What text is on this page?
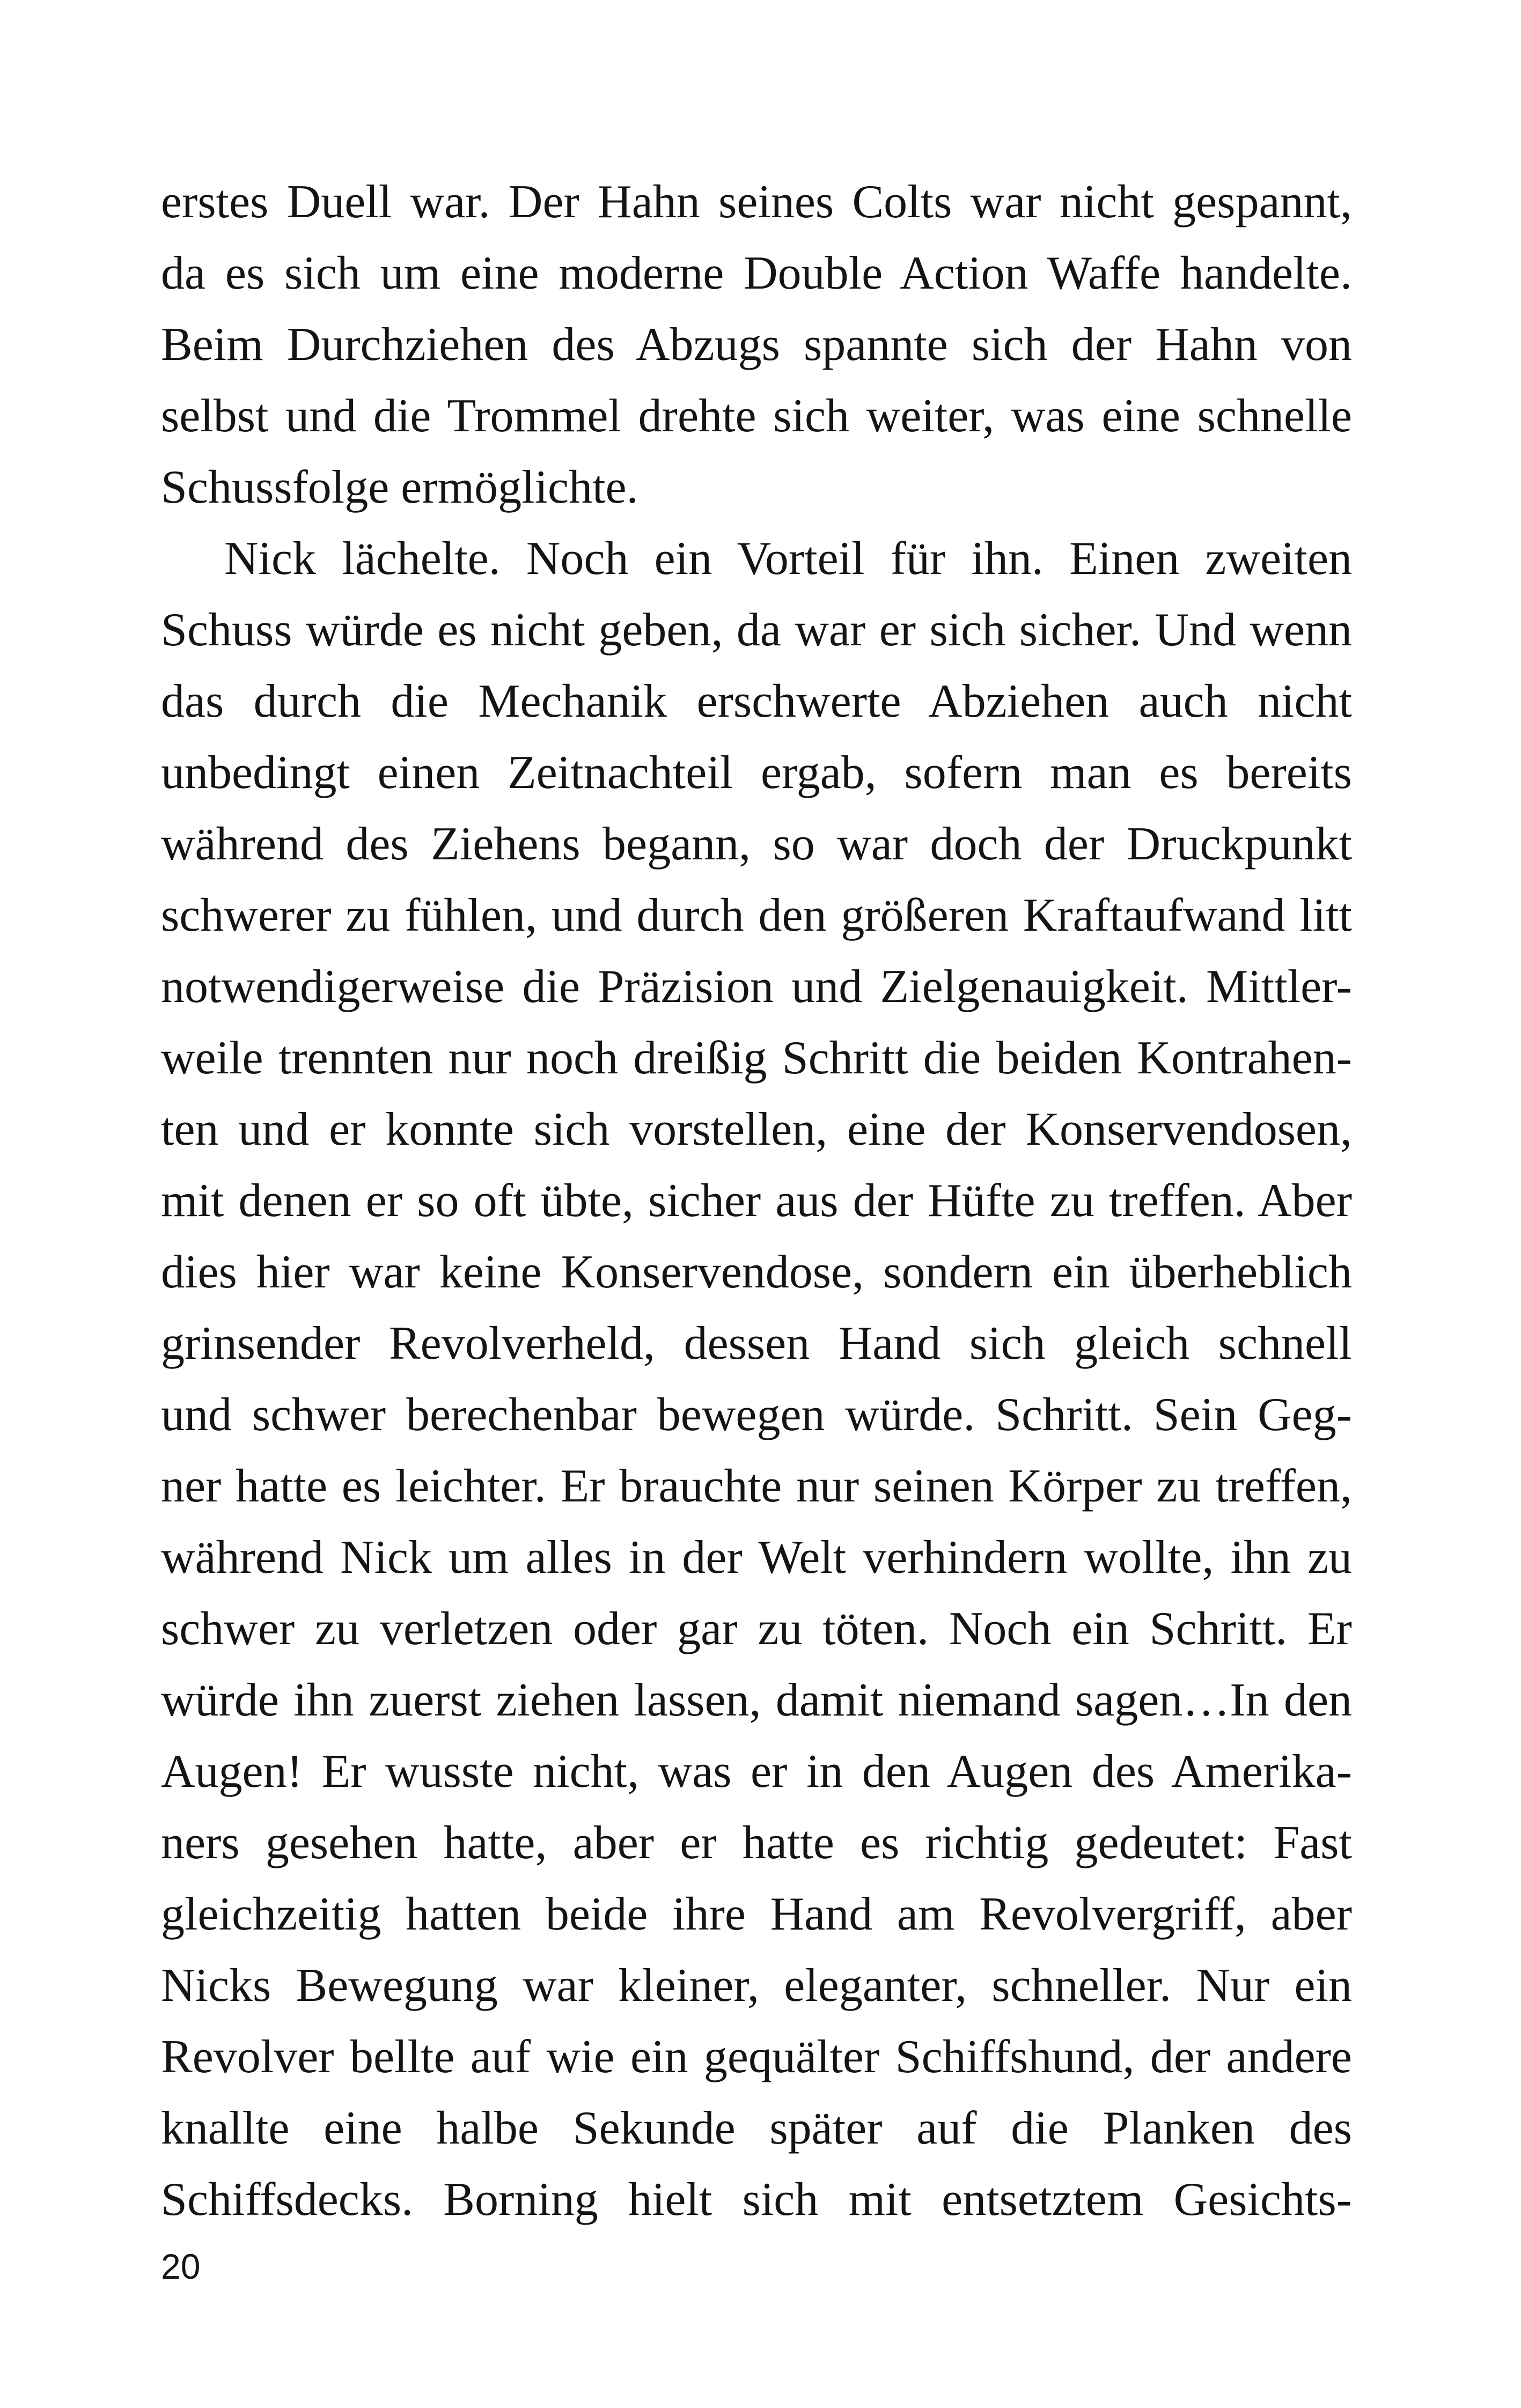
erstes Duell war. Der Hahn seines Colts war nicht gespannt,
da es sich um eine moderne Double Action Waffe handelte.
Beim Durchziehen des Abzugs spannte sich der Hahn von
selbst und die Trommel drehte sich weiter, was eine schnelle
Schussfolge ermöglichte.
Nick lächelte. Noch ein Vorteil für ihn. Einen zweiten
Schuss würde es nicht geben, da war er sich sicher. Und wenn
das durch die Mechanik erschwerte Abziehen auch nicht
unbedingt einen Zeitnachteil ergab, sofern man es bereits
während des Ziehens begann, so war doch der Druckpunkt
schwerer zu fühlen, und durch den größeren Kraftaufwand litt
notwendigerweise die Präzision und Zielgenauigkeit. Mittler-
weile trennten nur noch dreißig Schritt die beiden Kontrahen-
ten und er konnte sich vorstellen, eine der Konservendosen,
mit denen er so oft übte, sicher aus der Hüfte zu treffen. Aber
dies hier war keine Konservendose, sondern ein überheblich
grinsender Revolverheld, dessen Hand sich gleich schnell
und schwer berechenbar bewegen würde. Schritt. Sein Geg-
ner hatte es leichter. Er brauchte nur seinen Körper zu treffen,
während Nick um alles in der Welt verhindern wollte, ihn zu
schwer zu verletzen oder gar zu töten. Noch ein Schritt. Er
würde ihn zuerst ziehen lassen, damit niemand sagen…In den
Augen! Er wusste nicht, was er in den Augen des Amerika-
ners gesehen hatte, aber er hatte es richtig gedeutet: Fast
gleichzeitig hatten beide ihre Hand am Revolvergriff, aber
Nicks Bewegung war kleiner, eleganter, schneller. Nur ein
Revolver bellte auf wie ein gequälter Schiffshund, der andere
knallte eine halbe Sekunde später auf die Planken des
Schiffsdecks. Borning hielt sich mit entsetztem Gesichts-
20
